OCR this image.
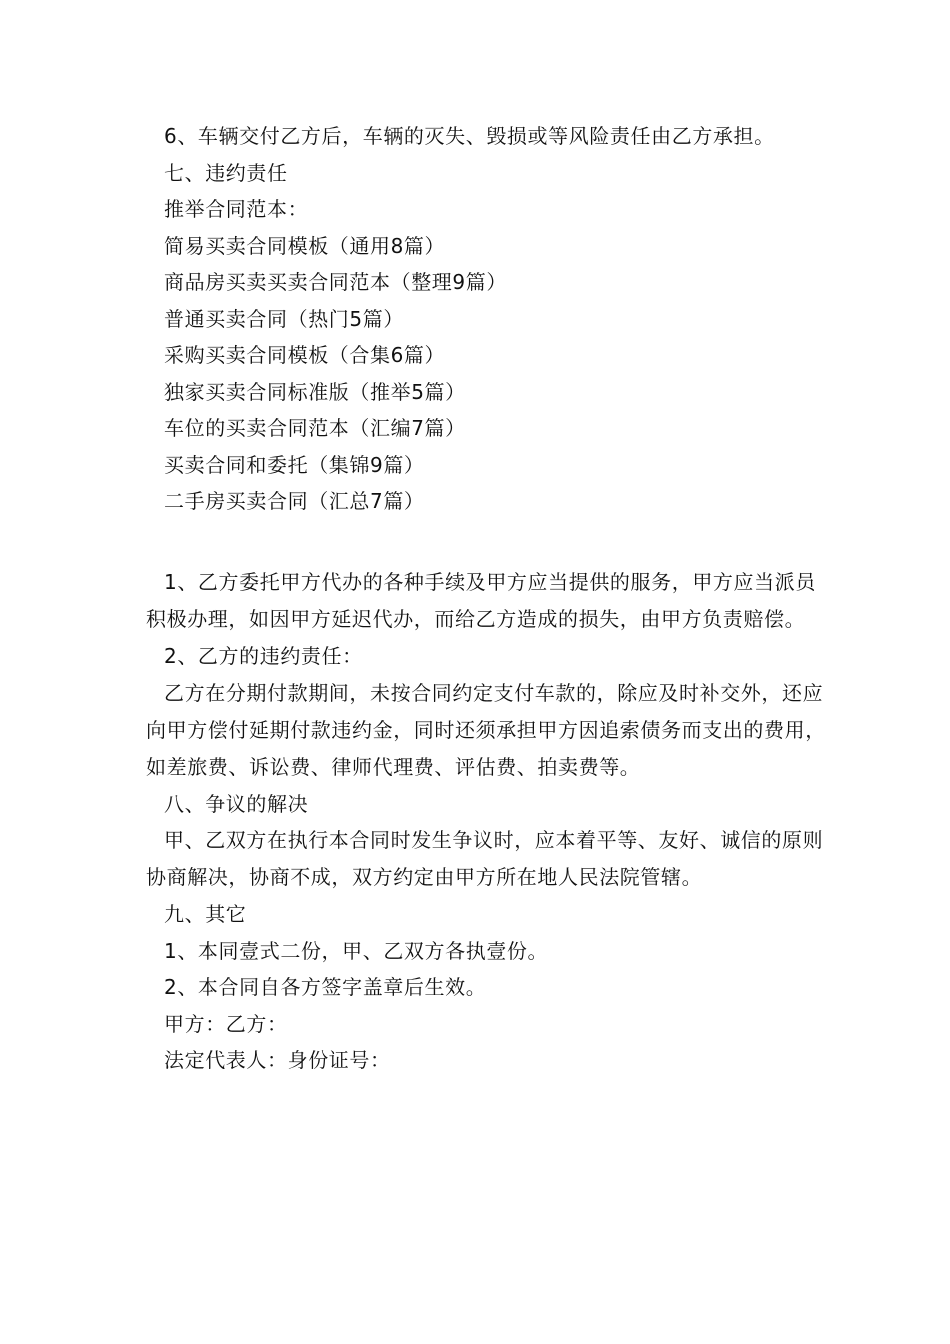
6、车辆交付乙方后，车辆的灭失、毁损或等风险责任由乙方承担。
七、违约责任
推举合同范本：
简易买卖合同模板（通用8篇）
商品房买卖买卖合同范本（整理9篇）
普通买卖合同（热门5篇）
采购买卖合同模板（合集6篇）
独家买卖合同标准版（推举5篇）
车位的买卖合同范本（汇编7篇）
买卖合同和委托（集锦9篇）
二手房买卖合同（汇总7篇）
1、乙方委托甲方代办的各种手续及甲方应当提供的服务，甲方应当派员积极办理，如因甲方延迟代办，而给乙方造成的损失，由甲方负责赔偿。
2、乙方的违约责任：
乙方在分期付款期间，未按合同约定支付车款的，除应及时补交外，还应向甲方偿付延期付款违约金，同时还须承担甲方因追索债务而支出的费用，如差旅费、诉讼费、律师代理费、评估费、拍卖费等。
八、争议的解决
甲、乙双方在执行本合同时发生争议时，应本着平等、友好、诚信的原则协商解决，协商不成，双方约定由甲方所在地人民法院管辖。
九、其它
1、本同壹式二份，甲、乙双方各执壹份。
2、本合同自各方签字盖章后生效。
甲方：乙方：
法定代表人：身份证号：
